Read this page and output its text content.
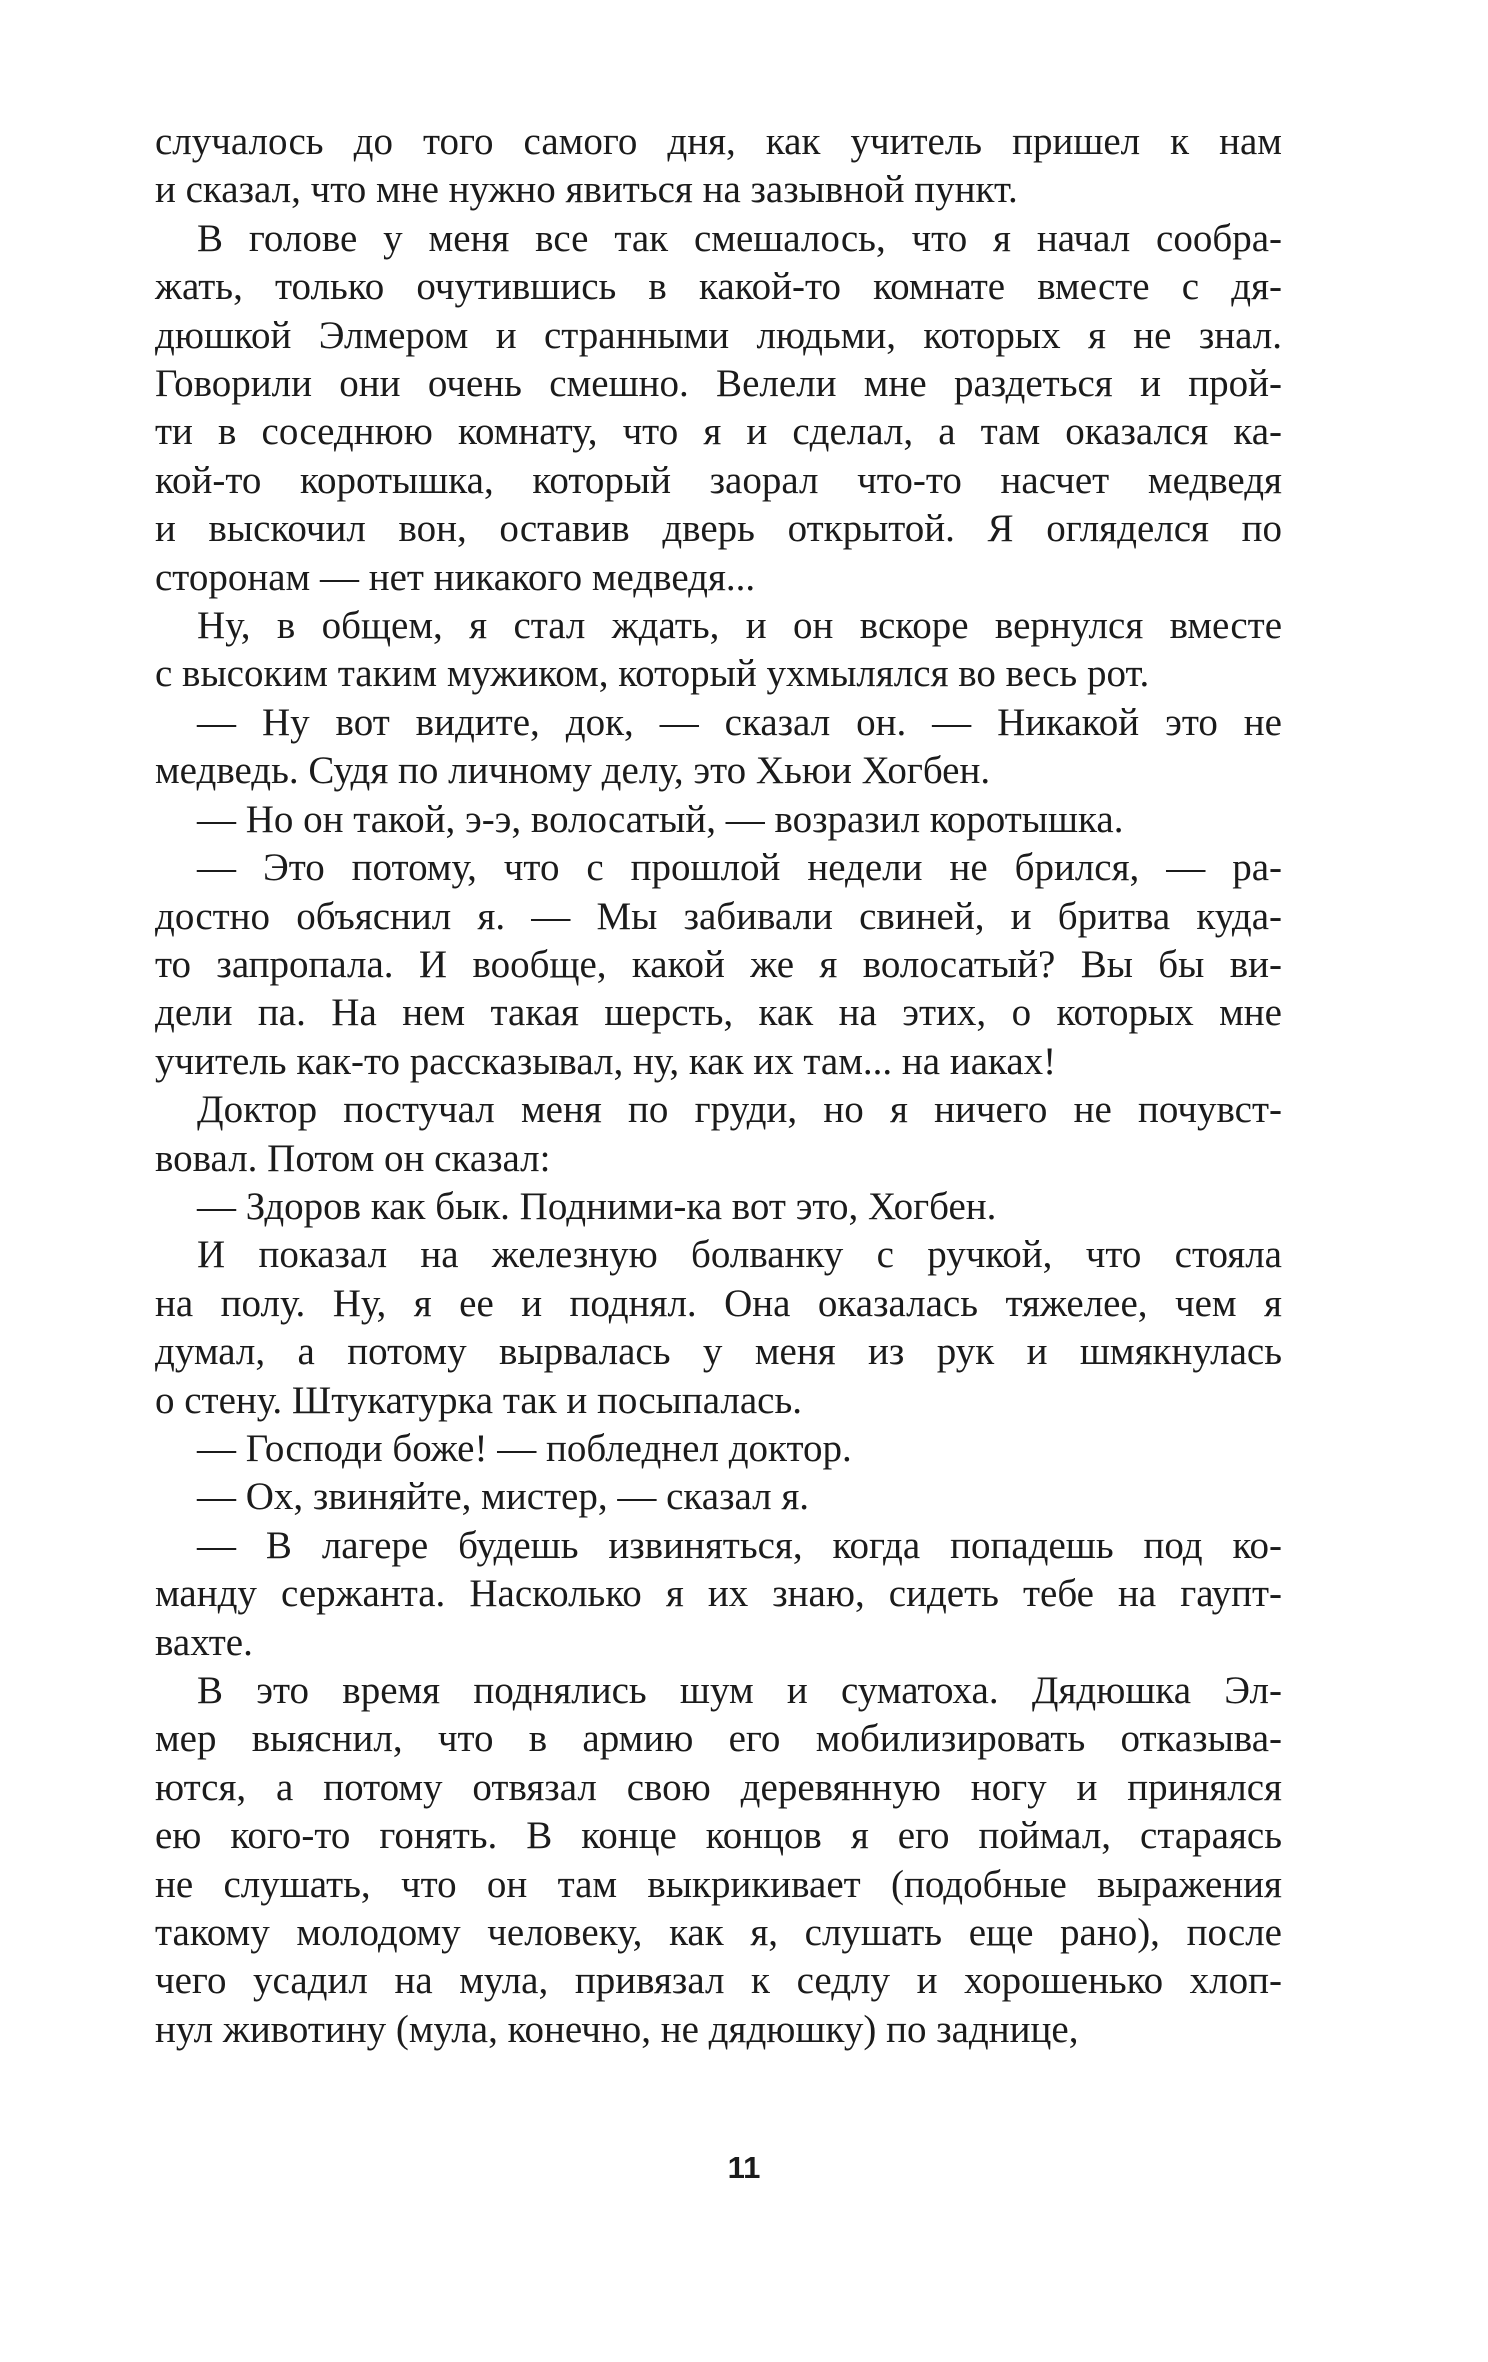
случалось до того самого дня, как учитель пришел к нам
и сказал, что мне нужно явиться на зазывной пункт.
В голове у меня все так смешалось, что я начал сообра-
жать, только очутившись в какой-то комнате вместе с дя-
дюшкой Элмером и странными людьми, которых я не знал.
Говорили они очень смешно. Велели мне раздеться и прой-
ти в соседнюю комнату, что я и сделал, а там оказался ка-
кой-то коротышка, который заорал что-то насчет медведя
и выскочил вон, оставив дверь открытой. Я огляделся по
сторонам — нет никакого медведя...
Ну, в общем, я стал ждать, и он вскоре вернулся вместе
с высоким таким мужиком, который ухмылялся во весь рот.
— Ну вот видите, док, — сказал он. — Никакой это не
медведь. Судя по личному делу, это Хьюи Хогбен.
— Но он такой, э-э, волосатый, — возразил коротышка.
— Это потому, что с прошлой недели не брился, — ра-
достно объяснил я. — Мы забивали свиней, и бритва куда-
то запропала. И вообще, какой же я волосатый? Вы бы ви-
дели па. На нем такая шерсть, как на этих, о которых мне
учитель как-то рассказывал, ну, как их там... на иаках!
Доктор постучал меня по груди, но я ничего не почувст-
вовал. Потом он сказал:
— Здоров как бык. Подними-ка вот это, Хогбен.
И показал на железную болванку с ручкой, что стояла
на полу. Ну, я ее и поднял. Она оказалась тяжелее, чем я
думал, а потому вырвалась у меня из рук и шмякнулась
о стену. Штукатурка так и посыпалась.
— Господи боже! — побледнел доктор.
— Ох, звиняйте, мистер, — сказал я.
— В лагере будешь извиняться, когда попадешь под ко-
манду сержанта. Насколько я их знаю, сидеть тебе на гаупт-
вахте.
В это время поднялись шум и суматоха. Дядюшка Эл-
мер выяснил, что в армию его мобилизировать отказыва-
ются, а потому отвязал свою деревянную ногу и принялся
ею кого-то гонять. В конце концов я его поймал, стараясь
не слушать, что он там выкрикивает (подобные выражения
такому молодому человеку, как я, слушать еще рано), после
чего усадил на мула, привязал к седлу и хорошенько хлоп-
нул животину (мула, конечно, не дядюшку) по заднице,
11
